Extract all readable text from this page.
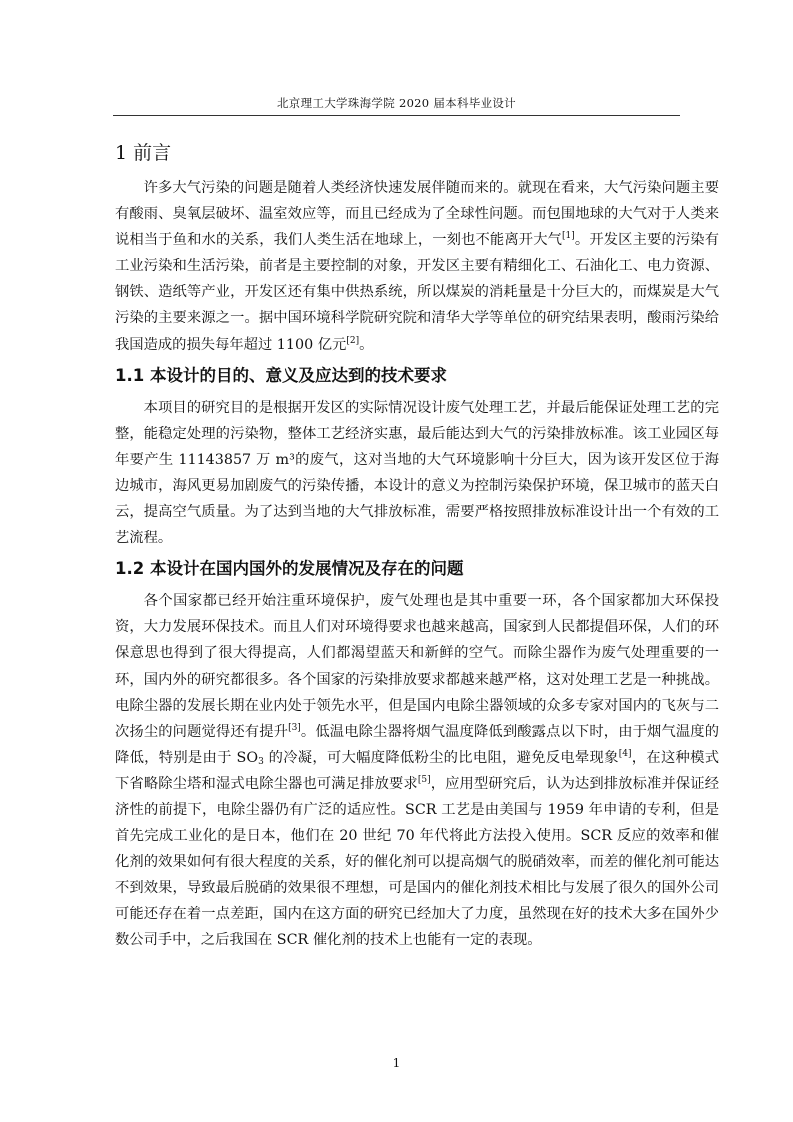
北京理工大学珠海学院 2020 届本科毕业设计
1 前言

许多大气污染的问题是随着人类经济快速发展伴随而来的。就现在看来，大气污染问题主要有酸雨、臭氧层破坏、温室效应等，而且已经成为了全球性问题。而包围地球的大气对于人类来说相当于鱼和水的关系，我们人类生活在地球上，一刻也不能离开大气[1]。开发区主要的污染有工业污染和生活污染，前者是主要控制的对象，开发区主要有精细化工、石油化工、电力资源、钢铁、造纸等产业，开发区还有集中供热系统，所以煤炭的消耗量是十分巨大的，而煤炭是大气污染的主要来源之一。据中国环境科学院研究院和清华大学等单位的研究结果表明，酸雨污染给我国造成的损失每年超过 1100 亿元[2]。

1.1 本设计的目的、意义及应达到的技术要求

本项目的研究目的是根据开发区的实际情况设计废气处理工艺，并最后能保证处理工艺的完整，能稳定处理的污染物，整体工艺经济实惠，最后能达到大气的污染排放标准。该工业园区每年要产生 11143857 万 m³的废气，这对当地的大气环境影响十分巨大，因为该开发区位于海边城市，海风更易加剧废气的污染传播，本设计的意义为控制污染保护环境，保卫城市的蓝天白云，提高空气质量。为了达到当地的大气排放标准，需要严格按照排放标准设计出一个有效的工艺流程。

1.2 本设计在国内国外的发展情况及存在的问题

各个国家都已经开始注重环境保护，废气处理也是其中重要一环，各个国家都加大环保投资，大力发展环保技术。而且人们对环境得要求也越来越高，国家到人民都提倡环保，人们的环保意思也得到了很大得提高，人们都渴望蓝天和新鲜的空气。而除尘器作为废气处理重要的一环，国内外的研究都很多。各个国家的污染排放要求都越来越严格，这对处理工艺是一种挑战。电除尘器的发展长期在业内处于领先水平，但是国内电除尘器领域的众多专家对国内的飞灰与二次扬尘的问题觉得还有提升[3]。低温电除尘器将烟气温度降低到酸露点以下时，由于烟气温度的降低，特别是由于 $SO_3$ 的冷凝，可大幅度降低粉尘的比电阻，避免反电晕现象[4]，在这种模式下省略除尘塔和湿式电除尘器也可满足排放要求[5]，应用型研究后，认为达到排放标准并保证经济性的前提下，电除尘器仍有广泛的适应性。SCR 工艺是由美国与 1959 年申请的专利，但是首先完成工业化的是日本，他们在 20 世纪 70 年代将此方法投入使用。SCR 反应的效率和催化剂的效果如何有很大程度的关系，好的催化剂可以提高烟气的脱硝效率，而差的催化剂可能达不到效果，导致最后脱硝的效果很不理想，可是国内的催化剂技术相比与发展了很久的国外公司可能还存在着一点差距，国内在这方面的研究已经加大了力度，虽然现在好的技术大多在国外少数公司手中，之后我国在 SCR 催化剂的技术上也能有一定的表现。

1
